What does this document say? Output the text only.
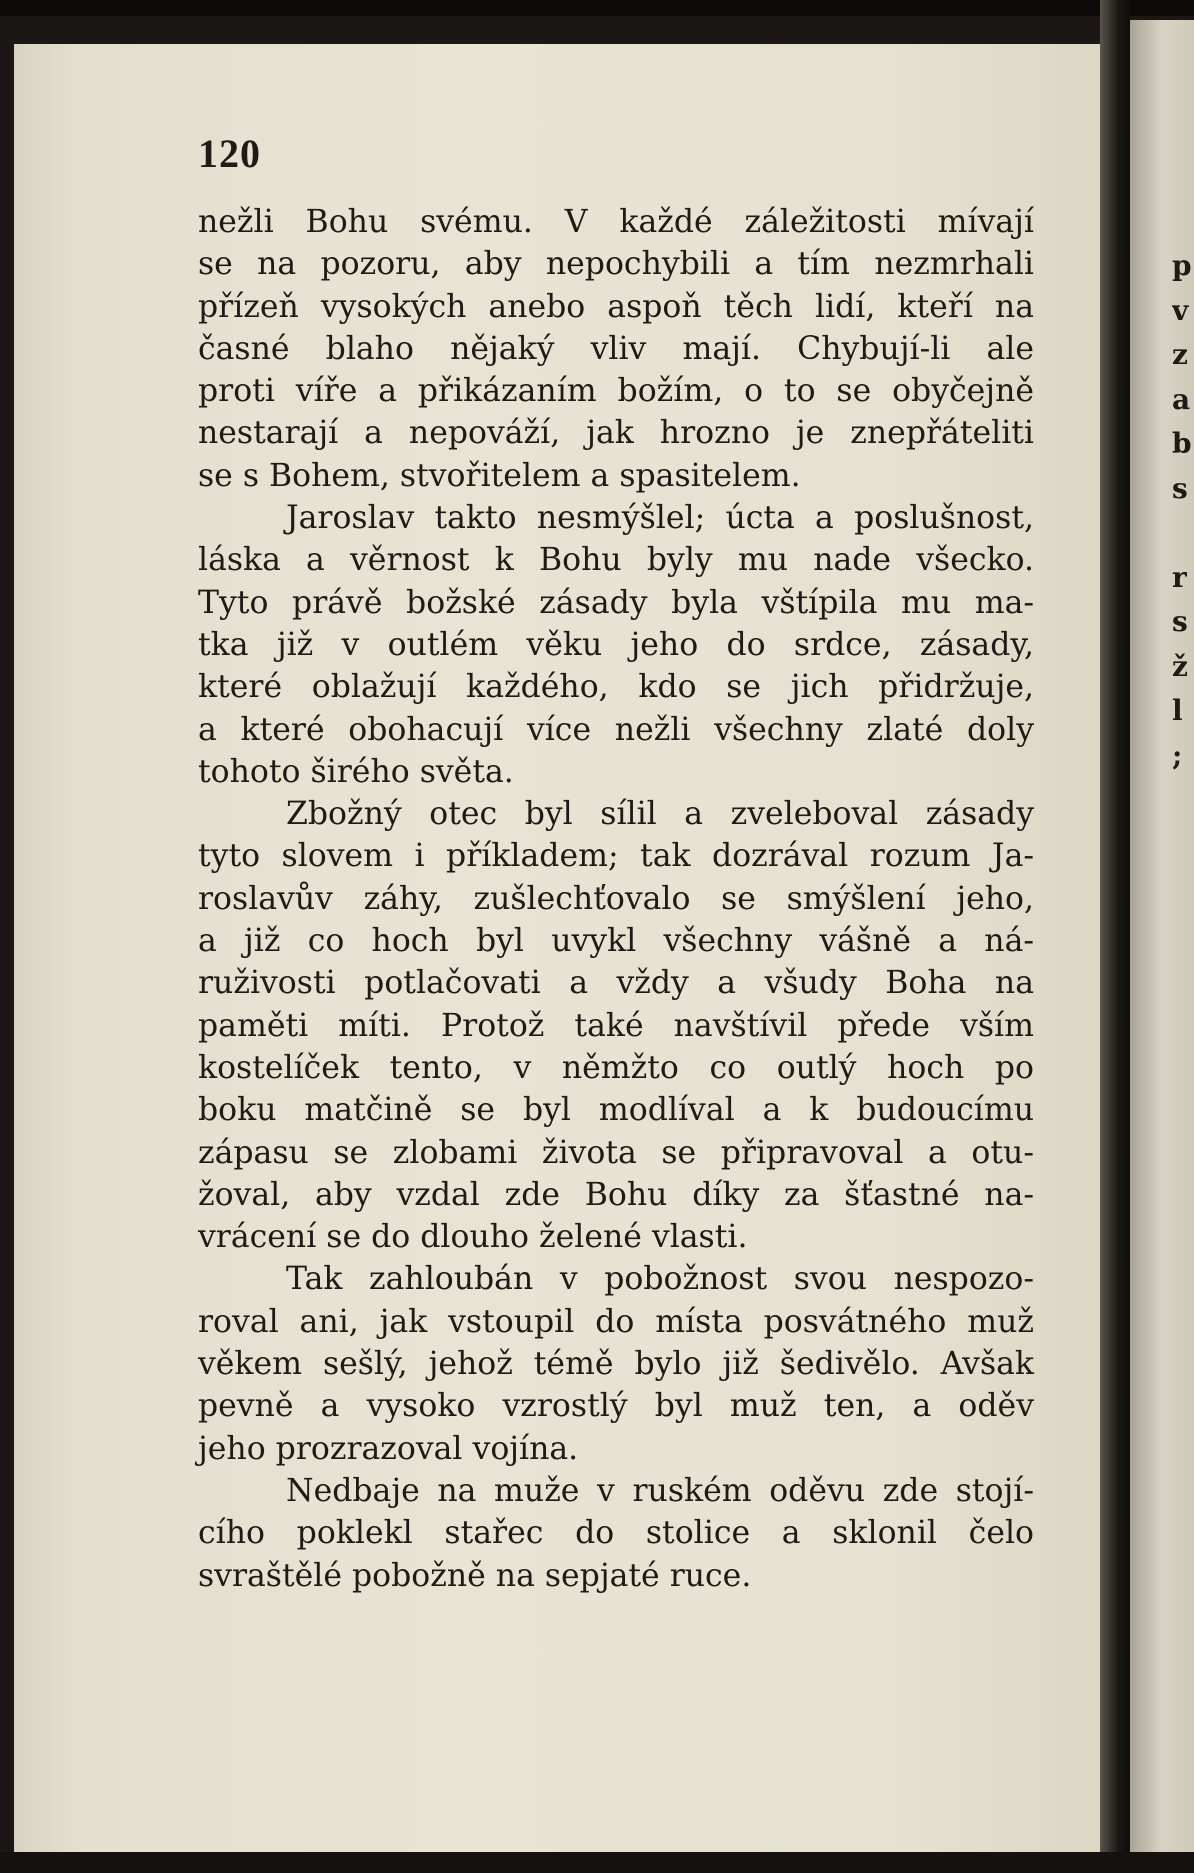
120
nežli Bohu svému. V každé záležitosti mívají
se na pozoru, aby nepochybili a tím nezmrhali
přízeň vysokých anebo aspoň těch lidí, kteří na
časné blaho nějaký vliv mají. Chybují-li ale
proti víře a přikázaním božím, o to se obyčejně
nestarají a nepováží, jak hrozno je znepřáteliti
se s Bohem, stvořitelem a spasitelem.
Jaroslav takto nesmýšlel; úcta a poslušnost,
láska a věrnost k Bohu byly mu nade všecko.
Tyto právě božské zásady byla vštípila mu ma-
tka již v outlém věku jeho do srdce, zásady,
které oblažují každého, kdo se jich přidržuje,
a které obohacují více nežli všechny zlaté doly
tohoto širého světa.
Zbožný otec byl sílil a zveleboval zásady
tyto slovem i příkladem; tak dozrával rozum Ja-
roslavův záhy, zušlechťovalo se smýšlení jeho,
a již co hoch byl uvykl všechny vášně a ná-
ruživosti potlačovati a vždy a všudy Boha na
paměti míti. Protož také navštívil přede vším
kostelíček tento, v němžto co outlý hoch po
boku matčině se byl modlíval a k budoucímu
zápasu se zlobami života se připravoval a otu-
žoval, aby vzdal zde Bohu díky za šťastné na-
vrácení se do dlouho želené vlasti.
Tak zahloubán v pobožnost svou nespozo-
roval ani, jak vstoupil do místa posvátného muž
věkem sešlý, jehož témě bylo již šedivělo. Avšak
pevně a vysoko vzrostlý byl muž ten, a oděv
jeho prozrazoval vojína.
Nedbaje na muže v ruském oděvu zde stojí-
cího poklekl stařec do stolice a sklonil čelo
svraštělé pobožně na sepjaté ruce.
p
v
z
a
b
s
r
s
ž
l
;
